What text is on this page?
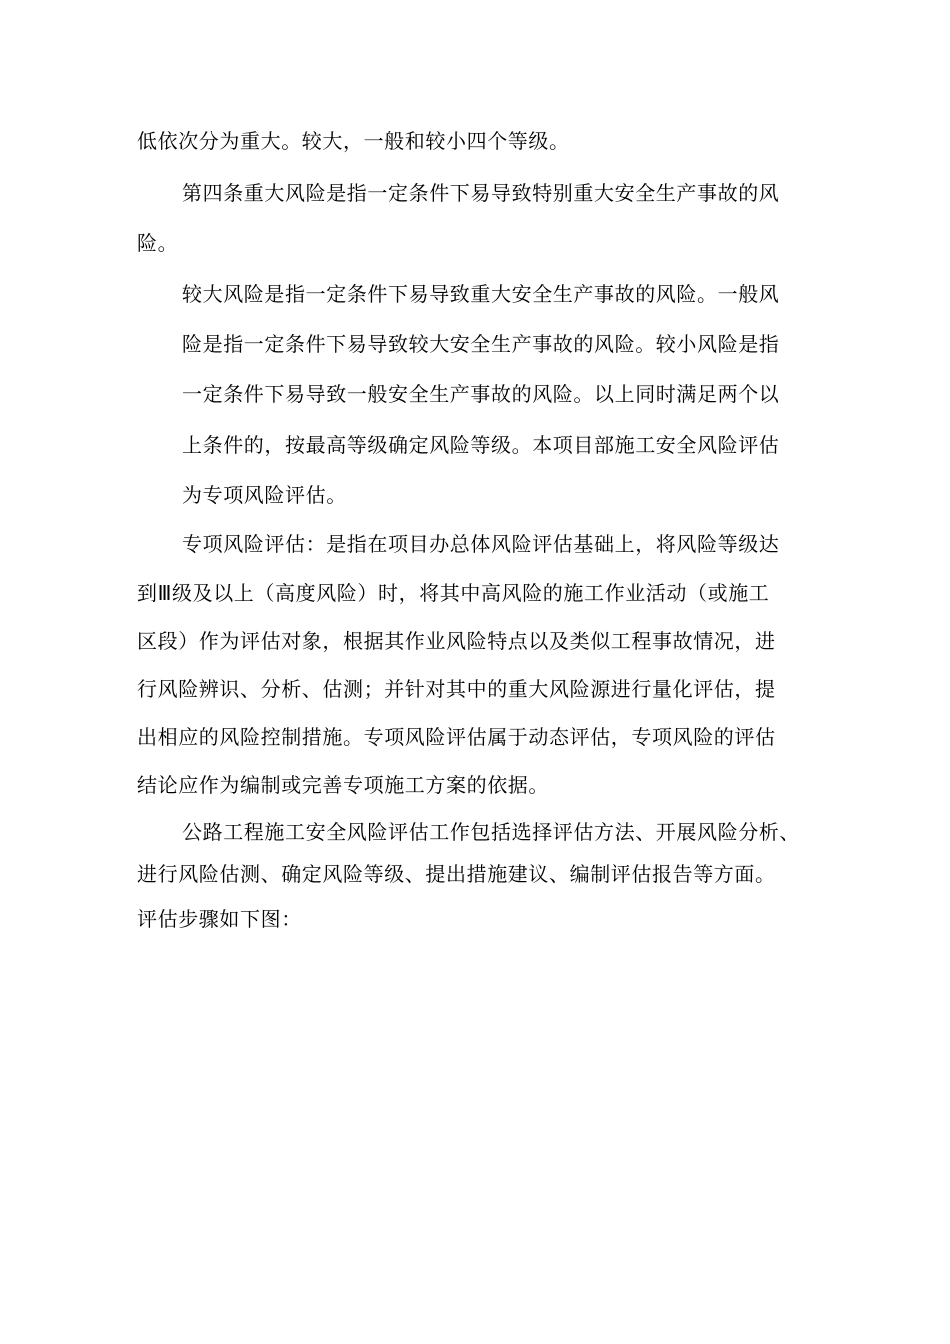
低依次分为重大。较大，一般和较小四个等级。

第四条重大风险是指一定条件下易导致特别重大安全生产事故的风

险。

较大风险是指一定条件下易导致重大安全生产事故的风险。一般风

险是指一定条件下易导致较大安全生产事故的风险。较小风险是指

一定条件下易导致一般安全生产事故的风险。以上同时满足两个以

上条件的，按最高等级确定风险等级。本项目部施工安全风险评估

为专项风险评估。

专项风险评估：是指在项目办总体风险评估基础上，将风险等级达

到Ⅲ级及以上（高度风险）时，将其中高风险的施工作业活动（或施工

区段）作为评估对象，根据其作业风险特点以及类似工程事故情况，进

行风险辨识、分析、估测；并针对其中的重大风险源进行量化评估，提

出相应的风险控制措施。专项风险评估属于动态评估，专项风险的评估

结论应作为编制或完善专项施工方案的依据。

公路工程施工安全风险评估工作包括选择评估方法、开展风险分析、

进行风险估测、确定风险等级、提出措施建议、编制评估报告等方面。

评估步骤如下图：
